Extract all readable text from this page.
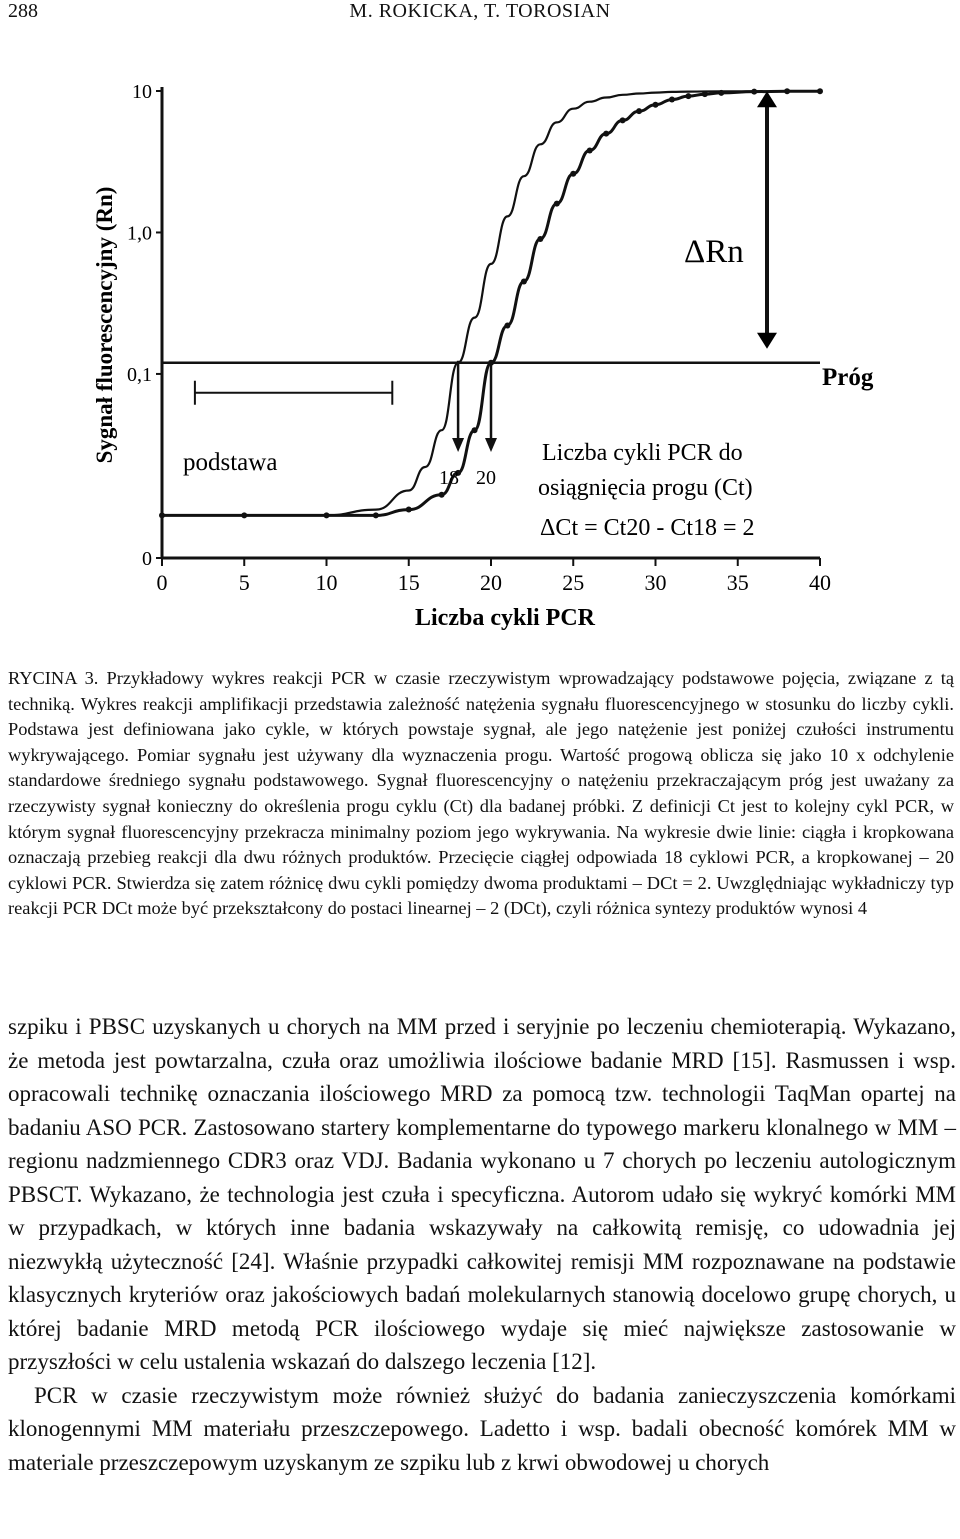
288	M. ROKICKA, T. TOROSIAN
0	5	10	15	20	25	30	35	40
0
0,1
1,0
10
Sygnał fluorescencyjny (Rn)
Liczba cykli PCR
podstawa
Próg
ΔRn
18 20
Liczba cykli PCR do
osiągnięcia progu (Ct)
ΔCt = Ct20 - Ct18 = 2
RYCINA 3. Przykładowy wykres reakcji PCR w czasie rzeczywistym wprowadzający podstawowe pojęcia, związane z tą techniką. Wykres reakcji amplifikacji przedstawia zależność natężenia sygnału fluorescencyjnego w stosunku do liczby cykli. Podstawa jest definiowana jako cykle, w których powstaje sygnał, ale jego natężenie jest poniżej czułości instrumentu wykrywającego. Pomiar sygnału jest używany dla wyznaczenia progu. Wartość progową oblicza się jako 10 x odchylenie standardowe średniego sygnału podstawowego. Sygnał fluorescencyjny o natężeniu przekraczającym próg jest uważany za rzeczywisty sygnał konieczny do określenia progu cyklu (Ct) dla badanej próbki. Z definicji Ct jest to kolejny cykl PCR, w którym sygnał fluorescencyjny przekracza minimalny poziom jego wykrywania. Na wykresie dwie linie: ciągła i kropkowana oznaczają przebieg reakcji dla dwu różnych produktów. Przecięcie ciągłej odpowiada 18 cyklowi PCR, a kropkowanej – 20 cyklowi PCR. Stwierdza się zatem różnicę dwu cykli pomiędzy dwoma produktami – DCt = 2. Uwzględniając wykładniczy typ reakcji PCR DCt może być przekształcony do postaci linearnej – 2 (DCt), czyli różnica syntezy produktów wynosi 4

szpiku i PBSC uzyskanych u chorych na MM przed i seryjnie po leczeniu chemioterapią. Wykazano, że metoda jest powtarzalna, czuła oraz umożliwia ilościowe badanie MRD [15]. Rasmussen i wsp. opracowali technikę oznaczania ilościowego MRD za pomocą tzw. technologii TaqMan opartej na badaniu ASO PCR. Zastosowano startery komplementarne do typowego markeru klonalnego w MM – regionu nadzmiennego CDR3 oraz VDJ. Badania wykonano u 7 chorych po leczeniu autologicznym PBSCT. Wykazano, że technologia jest czuła i specyficzna. Autorom udało się wykryć komórki MM w przypadkach, w których inne badania wskazywały na całkowitą remisję, co udowadnia jej niezwykłą użyteczność [24]. Właśnie przypadki całkowitej remisji MM rozpoznawane na podstawie klasycznych kryteriów oraz jakościowych badań molekularnych stanowią docelowo grupę chorych, u której badanie MRD metodą PCR ilościowego wydaje się mieć największe zastosowanie w przyszłości w celu ustalenia wskazań do dalszego leczenia [12].

PCR w czasie rzeczywistym może również służyć do badania zanieczyszczenia komórkami klonogennymi MM materiału przeszczepowego. Ladetto i wsp. badali obecność komórek MM w materiale przeszczepowym uzyskanym ze szpiku lub z krwi obwodowej u chorych
